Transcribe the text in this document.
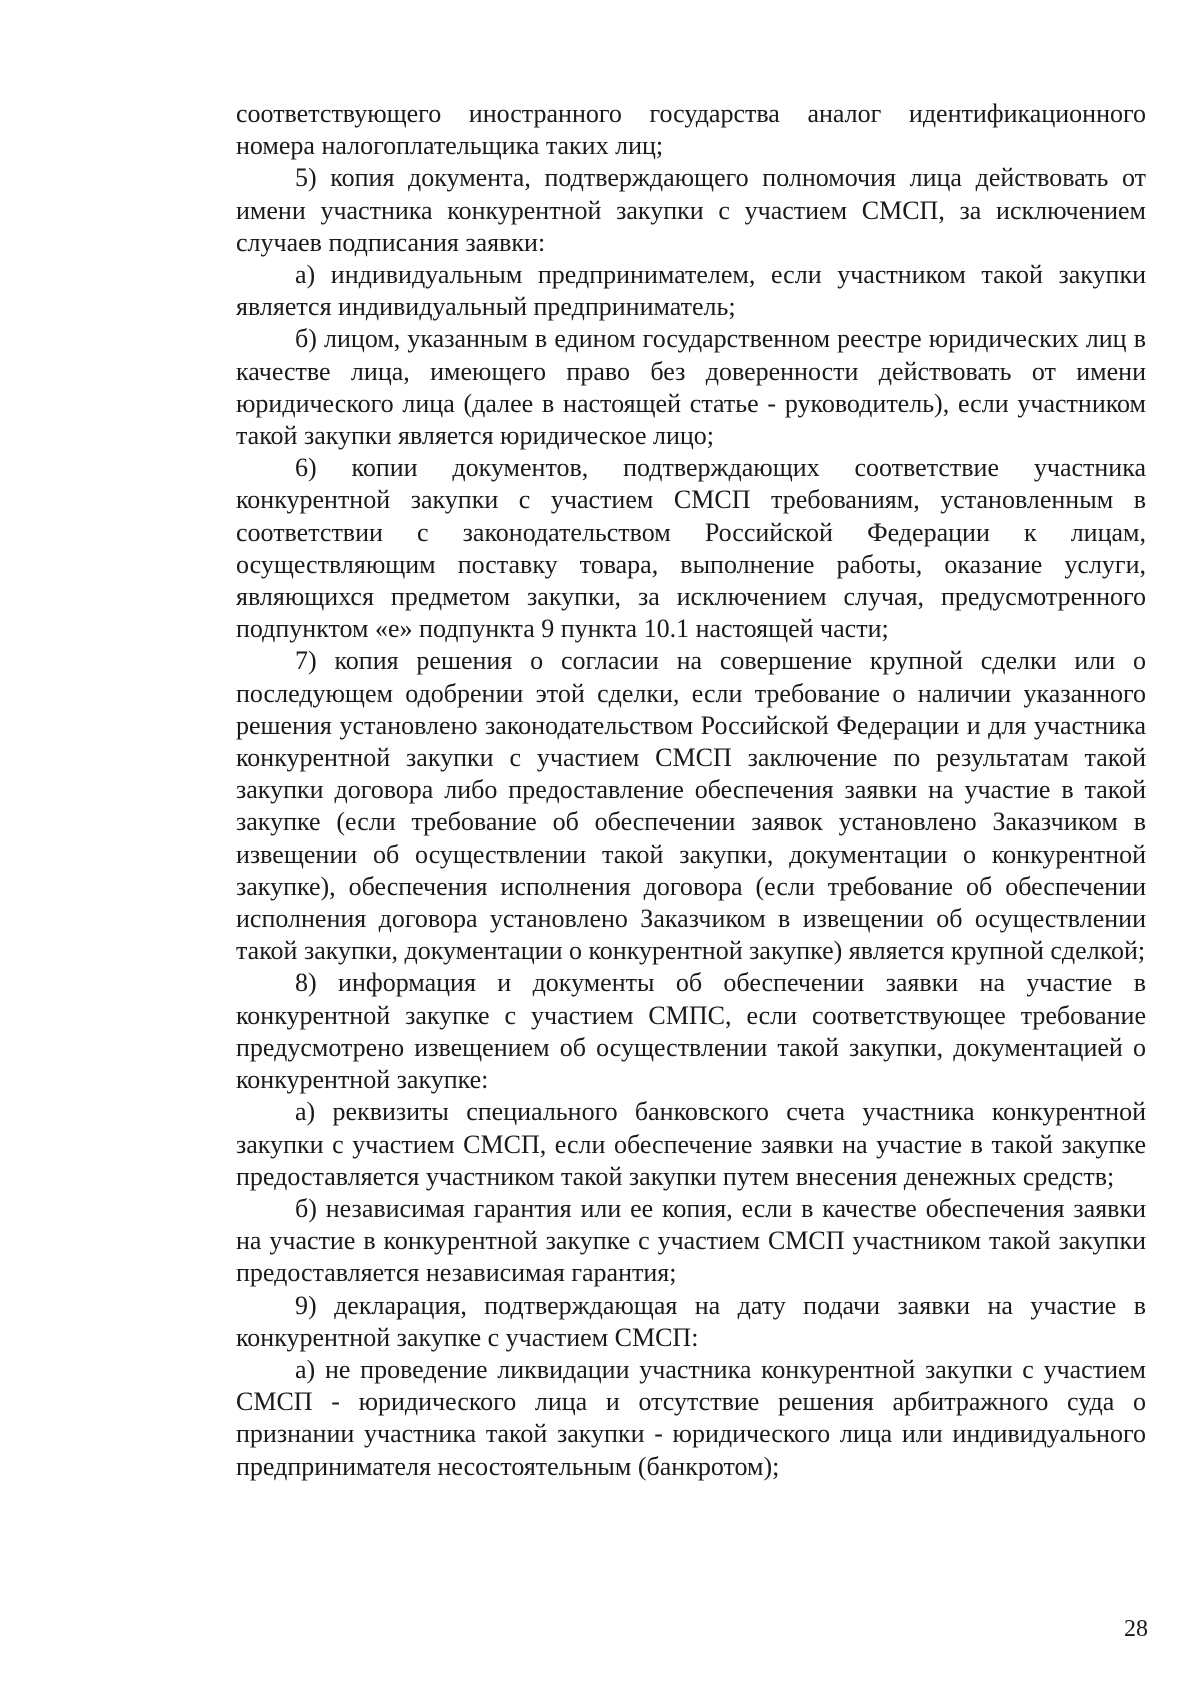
соответствующего иностранного государства аналог идентификационного номера налогоплательщика таких лиц;

5) копия документа, подтверждающего полномочия лица действовать от имени участника конкурентной закупки с участием СМСП, за исключением случаев подписания заявки:

а) индивидуальным предпринимателем, если участником такой закупки является индивидуальный предприниматель;

б) лицом, указанным в едином государственном реестре юридических лиц в качестве лица, имеющего право без доверенности действовать от имени юридического лица (далее в настоящей статье - руководитель), если участником такой закупки является юридическое лицо;

6) копии документов, подтверждающих соответствие участника конкурентной закупки с участием СМСП требованиям, установленным в соответствии с законодательством Российской Федерации к лицам, осуществляющим поставку товара, выполнение работы, оказание услуги, являющихся предметом закупки, за исключением случая, предусмотренного подпунктом «е» подпункта 9 пункта 10.1 настоящей части;

7) копия решения о согласии на совершение крупной сделки или о последующем одобрении этой сделки, если требование о наличии указанного решения установлено законодательством Российской Федерации и для участника конкурентной закупки с участием СМСП заключение по результатам такой закупки договора либо предоставление обеспечения заявки на участие в такой закупке (если требование об обеспечении заявок установлено Заказчиком в извещении об осуществлении такой закупки, документации о конкурентной закупке), обеспечения исполнения договора (если требование об обеспечении исполнения договора установлено Заказчиком в извещении об осуществлении такой закупки, документации о конкурентной закупке) является крупной сделкой;

8) информация и документы об обеспечении заявки на участие в конкурентной закупке с участием СМПС, если соответствующее требование предусмотрено извещением об осуществлении такой закупки, документацией о конкурентной закупке:

а) реквизиты специального банковского счета участника конкурентной закупки с участием СМСП, если обеспечение заявки на участие в такой закупке предоставляется участником такой закупки путем внесения денежных средств;

б) независимая гарантия или ее копия, если в качестве обеспечения заявки на участие в конкурентной закупке с участием СМСП участником такой закупки предоставляется независимая гарантия;

9) декларация, подтверждающая на дату подачи заявки на участие в конкурентной закупке с участием СМСП:

а) не проведение ликвидации участника конкурентной закупки с участием СМСП - юридического лица и отсутствие решения арбитражного суда о признании участника такой закупки - юридического лица или индивидуального предпринимателя несостоятельным (банкротом);

28
